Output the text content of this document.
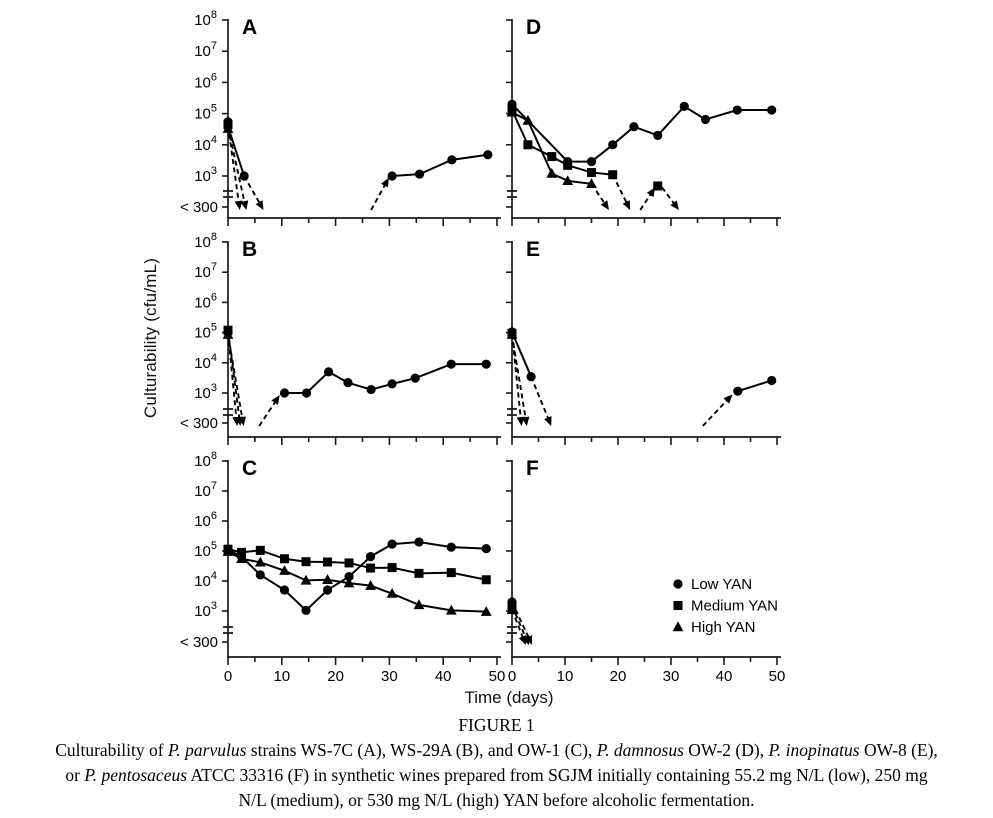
$10^8$
$10^7$
$10^6$
$10^5$
$10^4$
$10^3$
< 300
A
$10^8$
$10^7$
$10^6$
$10^5$
$10^4$
$10^3$
< 300
B
$10^8$
$10^7$
$10^6$
$10^5$
$10^4$
$10^3$
< 300
0	10 20 30 40 50
C
D
E
0	10 20 30 40 50
F
Low YAN
Medium YAN
High YAN
Culturability (cfu/mL)
Time (days)
FIGURE 1
Culturability of P. parvulus strains WS-7C (A), WS-29A (B), and OW-1 (C), P. damnosus OW-2 (D), P. inopinatus OW-8 (E),
or P. pentosaceus ATCC 33316 (F) in synthetic wines prepared from SGJM initially containing 55.2 mg N/L (low), 250 mg
N/L (medium), or 530 mg N/L (high) YAN before alcoholic fermentation.
